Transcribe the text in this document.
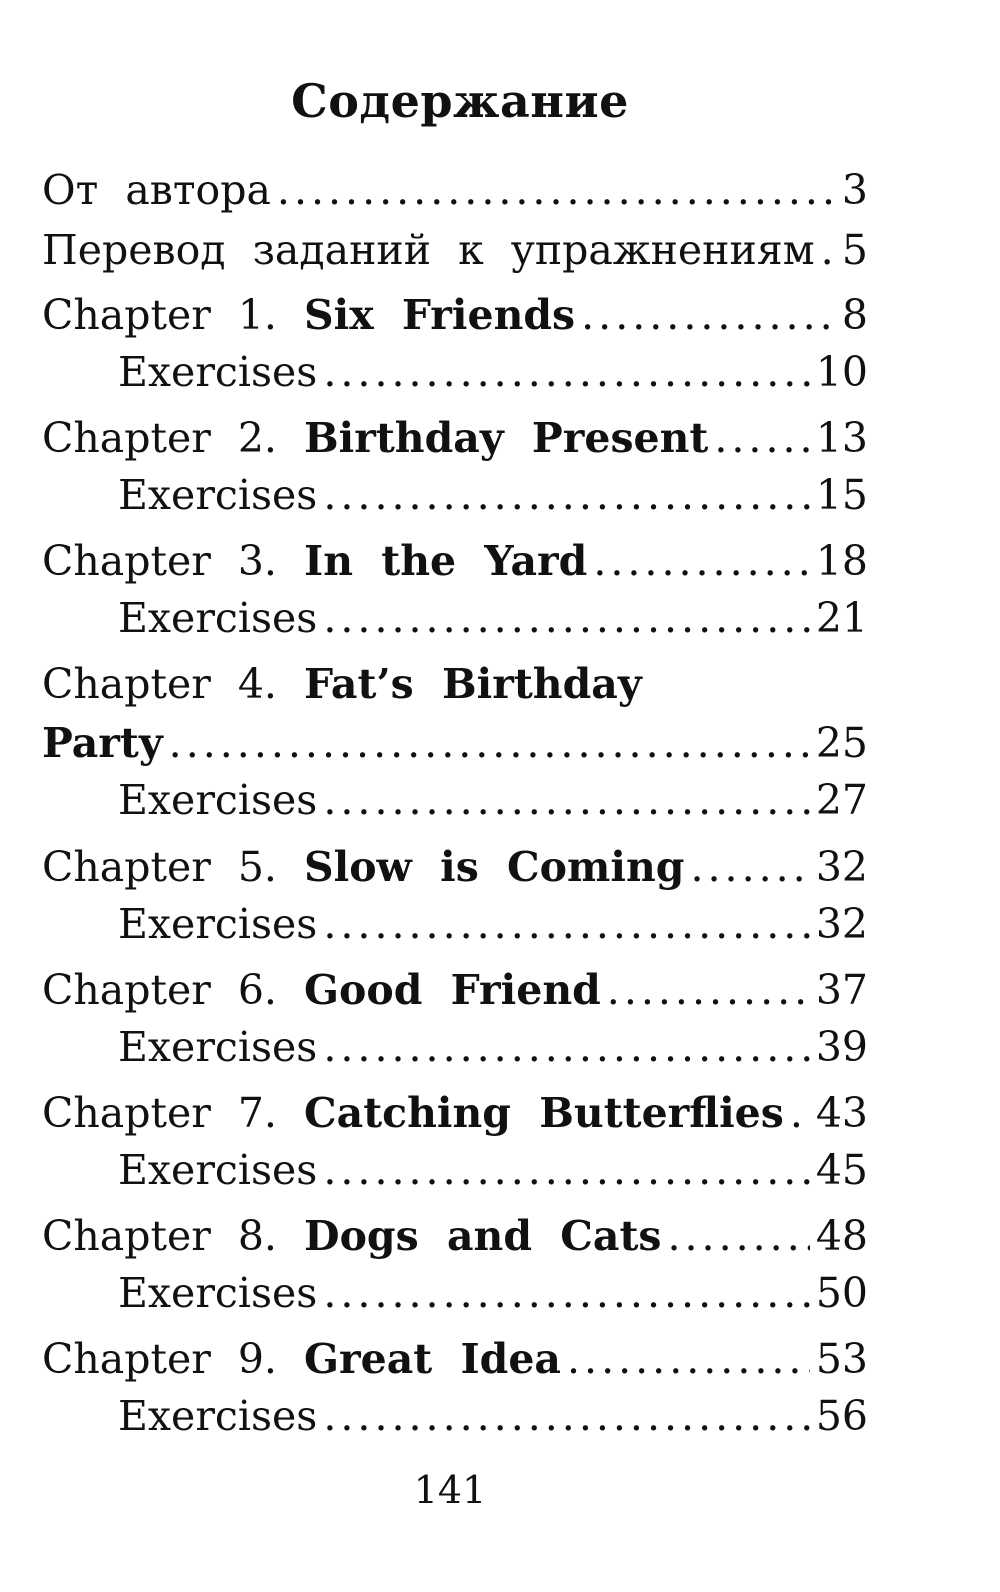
Содержание
От автора .....	3
Перевод заданий к упражнениям ..... 5
Chapter 1. Six Friends .....	8
Exercises .....	10
Chapter 2. Birthday Present .....	13
Exercises .....	15
Chapter 3. In the Yard .....	18
Exercises .....	21
Chapter 4. Fat’s Birthday
Party .....	25
Exercises .....	27
Chapter 5. Slow is Coming .....	32
Exercises .....	32
Chapter 6. Good Friend .....	37
Exercises .....	39
Chapter 7. Catching Butterflies ..... 43
Exercises .....	45
Chapter 8. Dogs and Cats .....	48
Exercises .....	50
Chapter 9. Great Idea .....	53
Exercises .....	56
141
